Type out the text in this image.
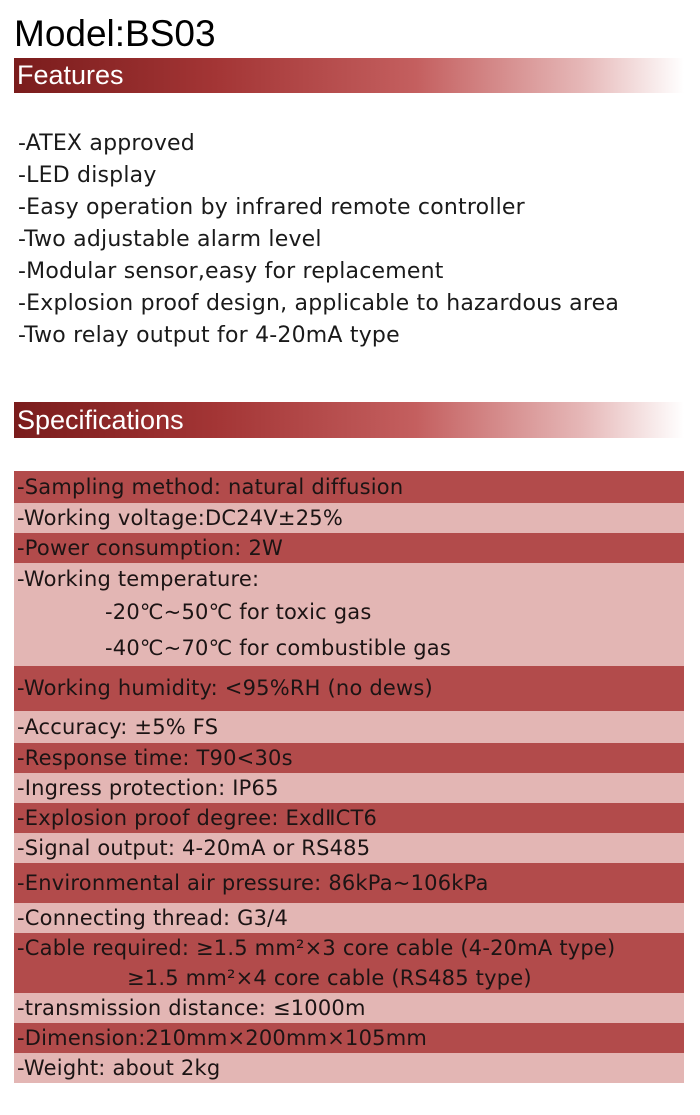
Model:BS03
Features
-ATEX approved
-LED display
-Easy operation by infrared remote controller
-Two adjustable alarm level
-Modular sensor,easy for replacement
-Explosion proof design, applicable to hazardous area
-Two relay output for 4-20mA type
Specifications
-Sampling method: natural diffusion
-Working voltage:DC24V±25%
-Power consumption: 2W
-Working temperature:
-20℃~50℃ for toxic gas
-40℃~70℃ for combustible gas
-Working humidity: <95%RH (no dews)
-Accuracy: ±5% FS
-Response time: T90<30s
-Ingress protection: IP65
-Explosion proof degree: ExdⅡCT6
-Signal output: 4-20mA or RS485
-Environmental air pressure: 86kPa~106kPa
-Connecting thread: G3/4
-Cable required: ≥1.5 mm²×3 core cable (4-20mA type)
≥1.5 mm²×4 core cable (RS485 type)
-transmission distance: ≤1000m
-Dimension:210mm×200mm×105mm
-Weight: about 2kg
